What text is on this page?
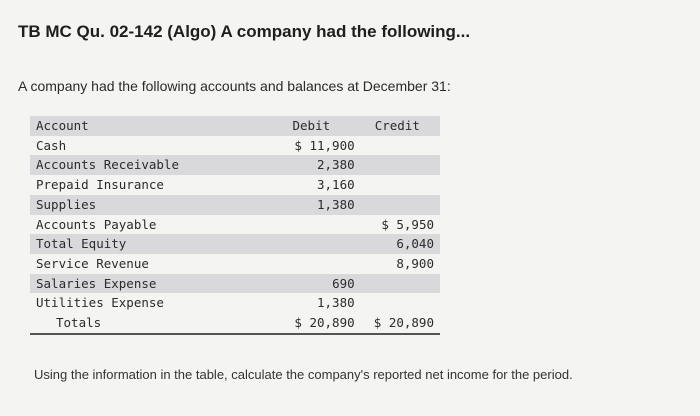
TB MC Qu. 02-142 (Algo) A company had the following...
A company had the following accounts and balances at December 31:
Account	Debit	Credit
Cash	$ 11,900	
Accounts Receivable	2,380	
Prepaid Insurance	3,160	
Supplies	1,380	
Accounts Payable		$ 5,950
Total Equity		6,040
Service Revenue		8,900
Salaries Expense	690	
Utilities Expense	1,380	
Totals	$ 20,890	$ 20,890
Using the information in the table, calculate the company's reported net income for the period.
